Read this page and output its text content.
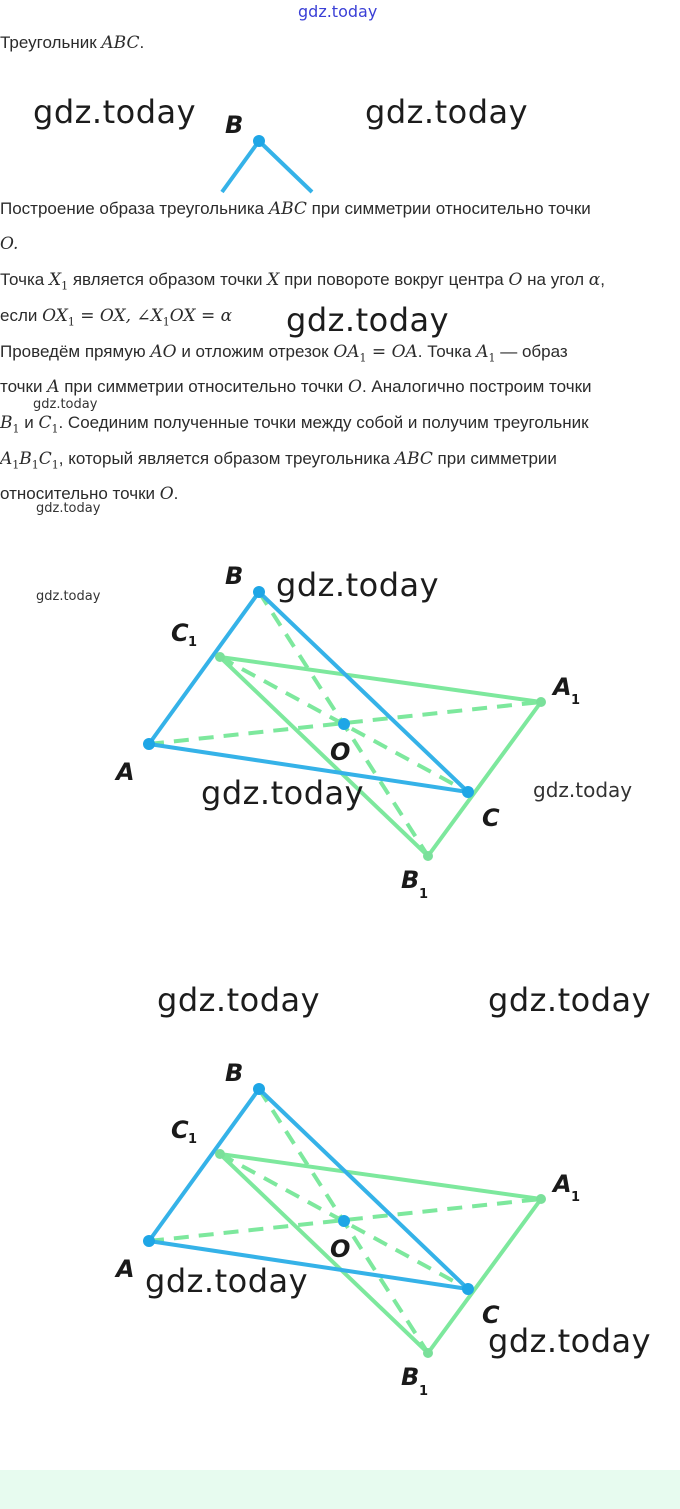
gdz.today
Треугольник ABC.
gdz.today	gdz.today
B
Построение образа треугольника ABC при симметрии относительно точки
O.
Точка $X_1$ является образом точки X при повороте вокруг центра O на угол α,
если $OX_1$ = OX, $\angle X_1OX = \alpha$ gdz.today
Проведём прямую AO и отложим отрезок $OA_1$ = OA. Точка $A_1$ — образ
точки A при симметрии относительно точки O. Аналогично построим точки
gdz.today
$B_1$ и $C_1$. Соединим полученные точки между собой и получим треугольник
$A_1B_1C_1$, который является образом треугольника ABC при симметрии
относительно точки O.
gdz.today
gdz.today
A
B
C
O
C 1
A 1
B
1
gdz.today
gdz.today	gdz.today
gdz.today	gdz.today
A
B
C
O
C 1
A 1
B
1
gdz.today
gdz.today
